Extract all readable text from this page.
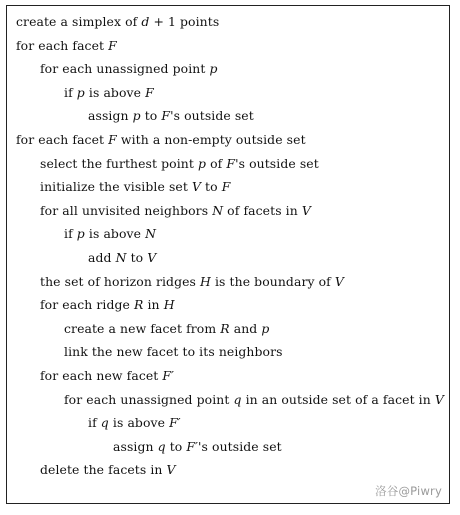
create a simplex of d + 1 points
for each facet F
for each unassigned point p
if p is above F
assign p to F's outside set
for each facet F with a non-empty outside set
select the furthest point p of F's outside set
initialize the visible set V to F
for all unvisited neighbors N of facets in V
if p is above N
add N to V
the set of horizon ridges H is the boundary of V
for each ridge R in H
create a new facet from R and p
link the new facet to its neighbors
for each new facet F′
for each unassigned point q in an outside set of a facet in V
if q is above F′
assign q to F′'s outside set
delete the facets in V
洛谷@Piwry
